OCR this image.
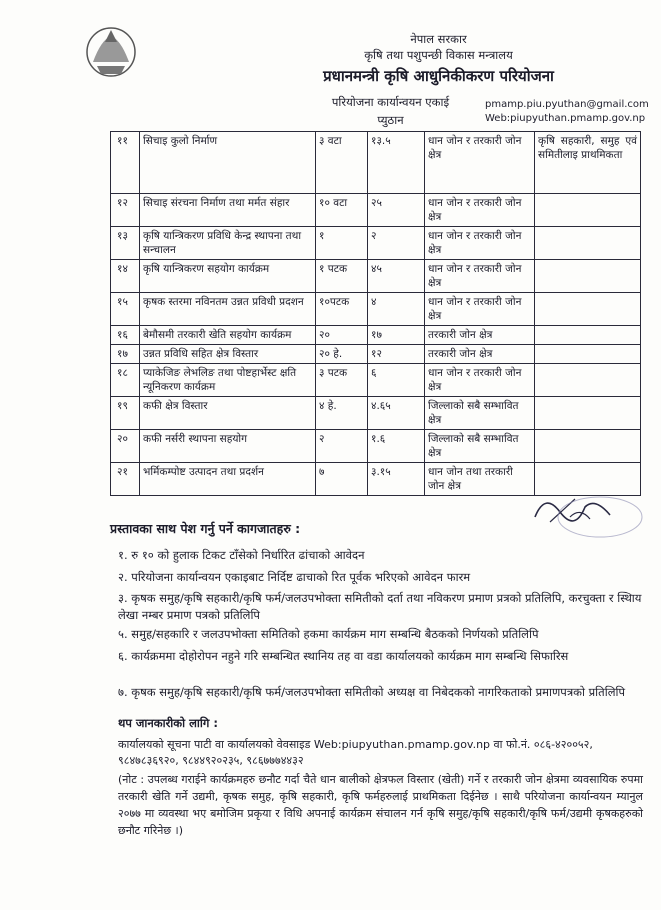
नेपाल सरकार
कृषि तथा पशुपन्छी विकास मन्त्रालय
प्रधानमन्त्री कृषि आधुनिकीकरण परियोजना
परियोजना कार्यान्वयन एकाई
प्युठान
pmamp.piu.pyuthan@gmail.com
Web:piupyuthan.pmamp.gov.np
११	सिचाइ कुलो निर्माण	३ वटा	१३.५	धान जोन र तरकारी जोन क्षेत्र	कृषि सहकारी, समुह एवं समितीलाइ प्राथमिकता
१२	सिचाइ संरचना निर्माण तथा मर्मत संहार	१० वटा	२५	धान जोन र तरकारी जोन क्षेत्र	
१३	कृषि यान्त्रिकरण प्रविधि केन्द्र स्थापना तथा सन्चालन	१	२	धान जोन र तरकारी जोन क्षेत्र	
१४	कृषि यान्त्रिकरण सहयोग कार्यक्रम	१ पटक	४५	धान जोन र तरकारी जोन क्षेत्र	
१५	कृषक स्तरमा नविनतम उन्नत प्रविधी प्रदशन	१०पटक	४	धान जोन र तरकारी जोन क्षेत्र	
१६	बेमौसमी तरकारी खेति सहयोग कार्यक्रम	२०	१७	तरकारी जोन क्षेत्र	
१७	उन्नत प्रविधि सहित क्षेत्र विस्तार	२० हे.	१२	तरकारी जोन क्षेत्र	
१८	प्याकेजिङ लेभलिङ तथा पोष्टहार्भेस्ट क्षति न्यूनिकरण कार्यक्रम	३ पटक	६	धान जोन र तरकारी जोन क्षेत्र	
१९	कफी क्षेत्र विस्तार	४ हे.	४.६५	जिल्लाको सबै सम्भावित क्षेत्र	
२०	कफी नर्सरी स्थापना सहयोग	२	१.६	जिल्लाको सबै सम्भावित क्षेत्र	
२१	भर्मिकम्पोष्ट उत्पादन तथा प्रदर्शन	७	३.१५	धान जोन तथा तरकारी जोन क्षेत्र	
प्रस्तावका साथ पेश गर्नु पर्ने कागजातहरु :
१. रु १० को हुलाक टिकट टाँसेको निर्धारित ढांचाको आवेदन
२. परियोजना कार्यान्वयन एकाइबाट निर्दिष्ट ढाचाको रित पूर्वक भरिएको आवेदन फारम
३. कृषक समुह/कृषि सहकारी/कृषि फर्म/जलउपभोक्ता समितीको दर्ता तथा नविकरण प्रमाण प्रत्रको प्रतिलिपि, करचुक्ता र स्थािय लेखा नम्बर प्रमाण पत्रको प्रतिलिपि
५. समुह/सहकारि र जलउपभोक्ता समितिको हकमा कार्यक्रम माग सम्बन्धि बैठकको निर्णयको प्रतिलिपि
६. कार्यक्रममा दोहोरोपन नहुने गरि सम्बन्धित स्थानिय तह वा वडा कार्यालयको कार्यक्रम माग सम्बन्धि सिफारिस
७. कृषक समुह/कृषि सहकारी/कृषि फर्म/जलउपभोक्ता समितीको अध्यक्ष वा निबेदकको नागरिकताको प्रमाणपत्रको प्रतिलिपि
थप जानकारीको लागि :
कार्यालयको सूचना पाटी वा कार्यालयको वेवसाइड Web:piupyuthan.pmamp.gov.np वा फो.नं. ०८६-४२००५२, ९८४७८३६९२०, ९८४४९२०२३५, ९८६७७७४४३२
(नोट : उपलब्ध गराईने कार्यक्रमहरु छनौट गर्दा चैते धान बालीको क्षेत्रफल विस्तार (खेती) गर्ने र तरकारी जोन क्षेत्रमा व्यवसायिक रुपमा तरकारी खेति गर्ने उद्यमी, कृषक समुह, कृषि सहकारी, कृषि फर्महरुलाई प्राथमिकता दिईनेछ । साथै परियोजना कार्यान्वयन म्यानुल २०७७ मा व्यवस्था भए बमोजिम प्रकृया र विधि अपनाई कार्यक्रम संचालन गर्न कृषि समुह/कृषि सहकारी/कृषि फर्म/उद्यमी कृषकहरुको छनौट गरिनेछ ।)
